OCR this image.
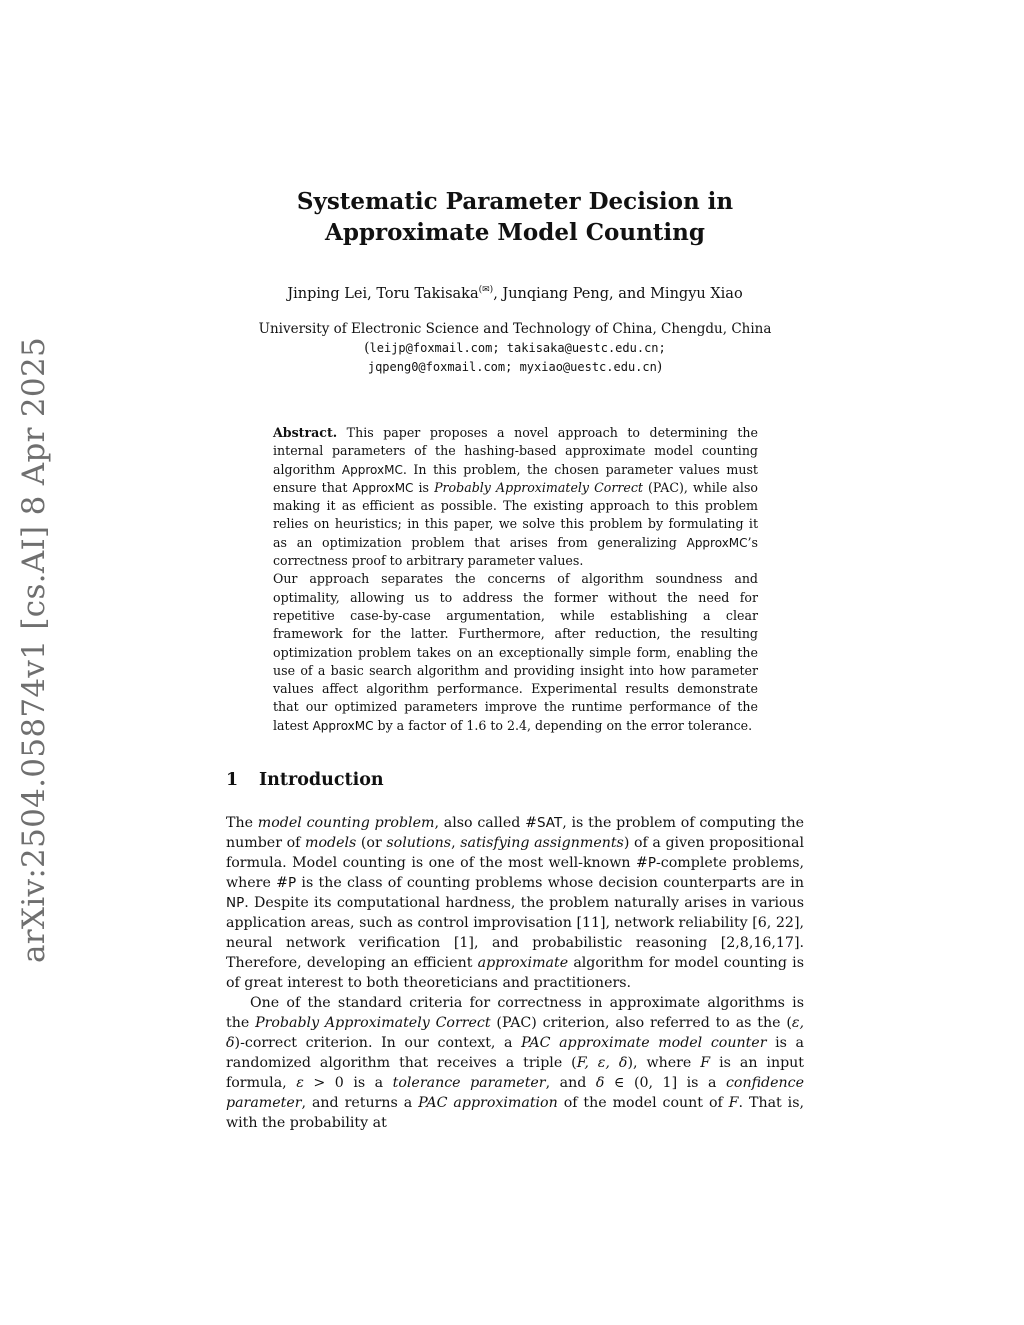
arXiv:2504.05874v1 [cs.AI] 8 Apr 2025
Systematic Parameter Decision in
Approximate Model Counting
Jinping Lei, Toru Takisaka(✉), Junqiang Peng, and Mingyu Xiao
University of Electronic Science and Technology of China, Chengdu, China
(leijp@foxmail.com; takisaka@uestc.edu.cn;
jqpeng0@foxmail.com; myxiao@uestc.edu.cn)

Abstract. This paper proposes a novel approach to determining the internal parameters of the hashing-based approximate model counting algorithm ApproxMC. In this problem, the chosen parameter values must ensure that ApproxMC is Probably Approximately Correct (PAC), while also making it as efficient as possible. The existing approach to this problem relies on heuristics; in this paper, we solve this problem by formulating it as an optimization problem that arises from generalizing ApproxMC’s correctness proof to arbitrary parameter values.

Our approach separates the concerns of algorithm soundness and optimality, allowing us to address the former without the need for repetitive case-by-case argumentation, while establishing a clear framework for the latter. Furthermore, after reduction, the resulting optimization problem takes on an exceptionally simple form, enabling the use of a basic search algorithm and providing insight into how parameter values affect algorithm performance. Experimental results demonstrate that our optimized parameters improve the runtime performance of the latest ApproxMC by a factor of 1.6 to 2.4, depending on the error tolerance.

1 Introduction

The model counting problem, also called #SAT, is the problem of computing the number of models (or solutions, satisfying assignments) of a given propositional formula. Model counting is one of the most well-known #P-complete problems, where #P is the class of counting problems whose decision counterparts are in NP. Despite its computational hardness, the problem naturally arises in various application areas, such as control improvisation [11], network reliability [6, 22], neural network verification [1], and probabilistic reasoning [2,8,16,17]. Therefore, developing an efficient approximate algorithm for model counting is of great interest to both theoreticians and practitioners.

One of the standard criteria for correctness in approximate algorithms is the Probably Approximately Correct (PAC) criterion, also referred to as the (ε, δ)-correct criterion. In our context, a PAC approximate model counter is a randomized algorithm that receives a triple (F, ε, δ), where F is an input formula, ε > 0 is a tolerance parameter, and δ ∈ (0, 1] is a confidence parameter, and returns a PAC approximation of the model count of F. That is, with the probability at
